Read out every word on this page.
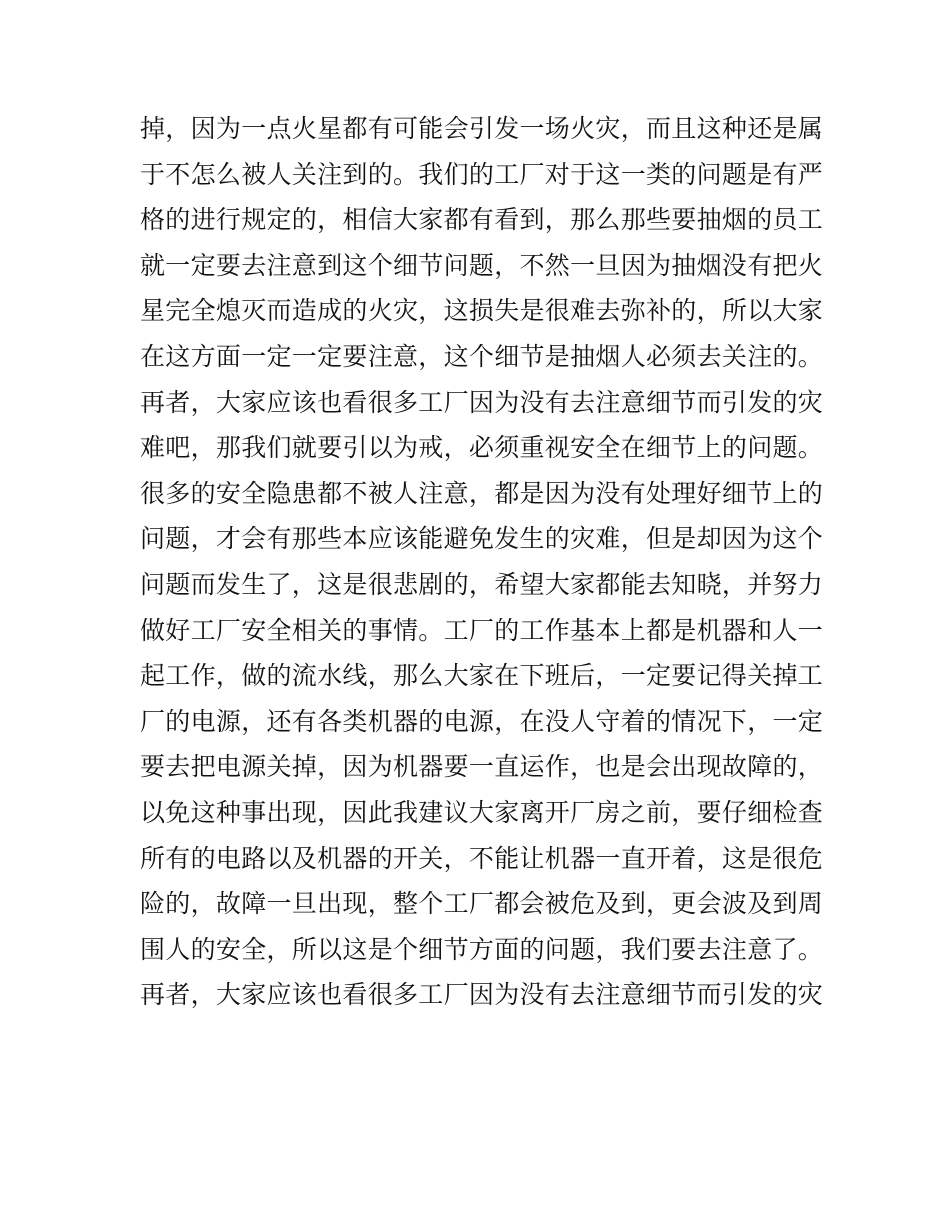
掉，因为一点火星都有可能会引发一场火灾，而且这种还是属
于不怎么被人关注到的。我们的工厂对于这一类的问题是有严
格的进行规定的，相信大家都有看到，那么那些要抽烟的员工
就一定要去注意到这个细节问题，不然一旦因为抽烟没有把火
星完全熄灭而造成的火灾，这损失是很难去弥补的，所以大家
在这方面一定一定要注意，这个细节是抽烟人必须去关注的。
再者，大家应该也看很多工厂因为没有去注意细节而引发的灾
难吧，那我们就要引以为戒，必须重视安全在细节上的问题。
很多的安全隐患都不被人注意，都是因为没有处理好细节上的
问题，才会有那些本应该能避免发生的灾难，但是却因为这个
问题而发生了，这是很悲剧的，希望大家都能去知晓，并努力
做好工厂安全相关的事情。工厂的工作基本上都是机器和人一
起工作，做的流水线，那么大家在下班后，一定要记得关掉工
厂的电源，还有各类机器的电源，在没人守着的情况下，一定
要去把电源关掉，因为机器要一直运作，也是会出现故障的，
以免这种事出现，因此我建议大家离开厂房之前，要仔细检查
所有的电路以及机器的开关，不能让机器一直开着，这是很危
险的，故障一旦出现，整个工厂都会被危及到，更会波及到周
围人的安全，所以这是个细节方面的问题，我们要去注意了。
再者，大家应该也看很多工厂因为没有去注意细节而引发的灾
